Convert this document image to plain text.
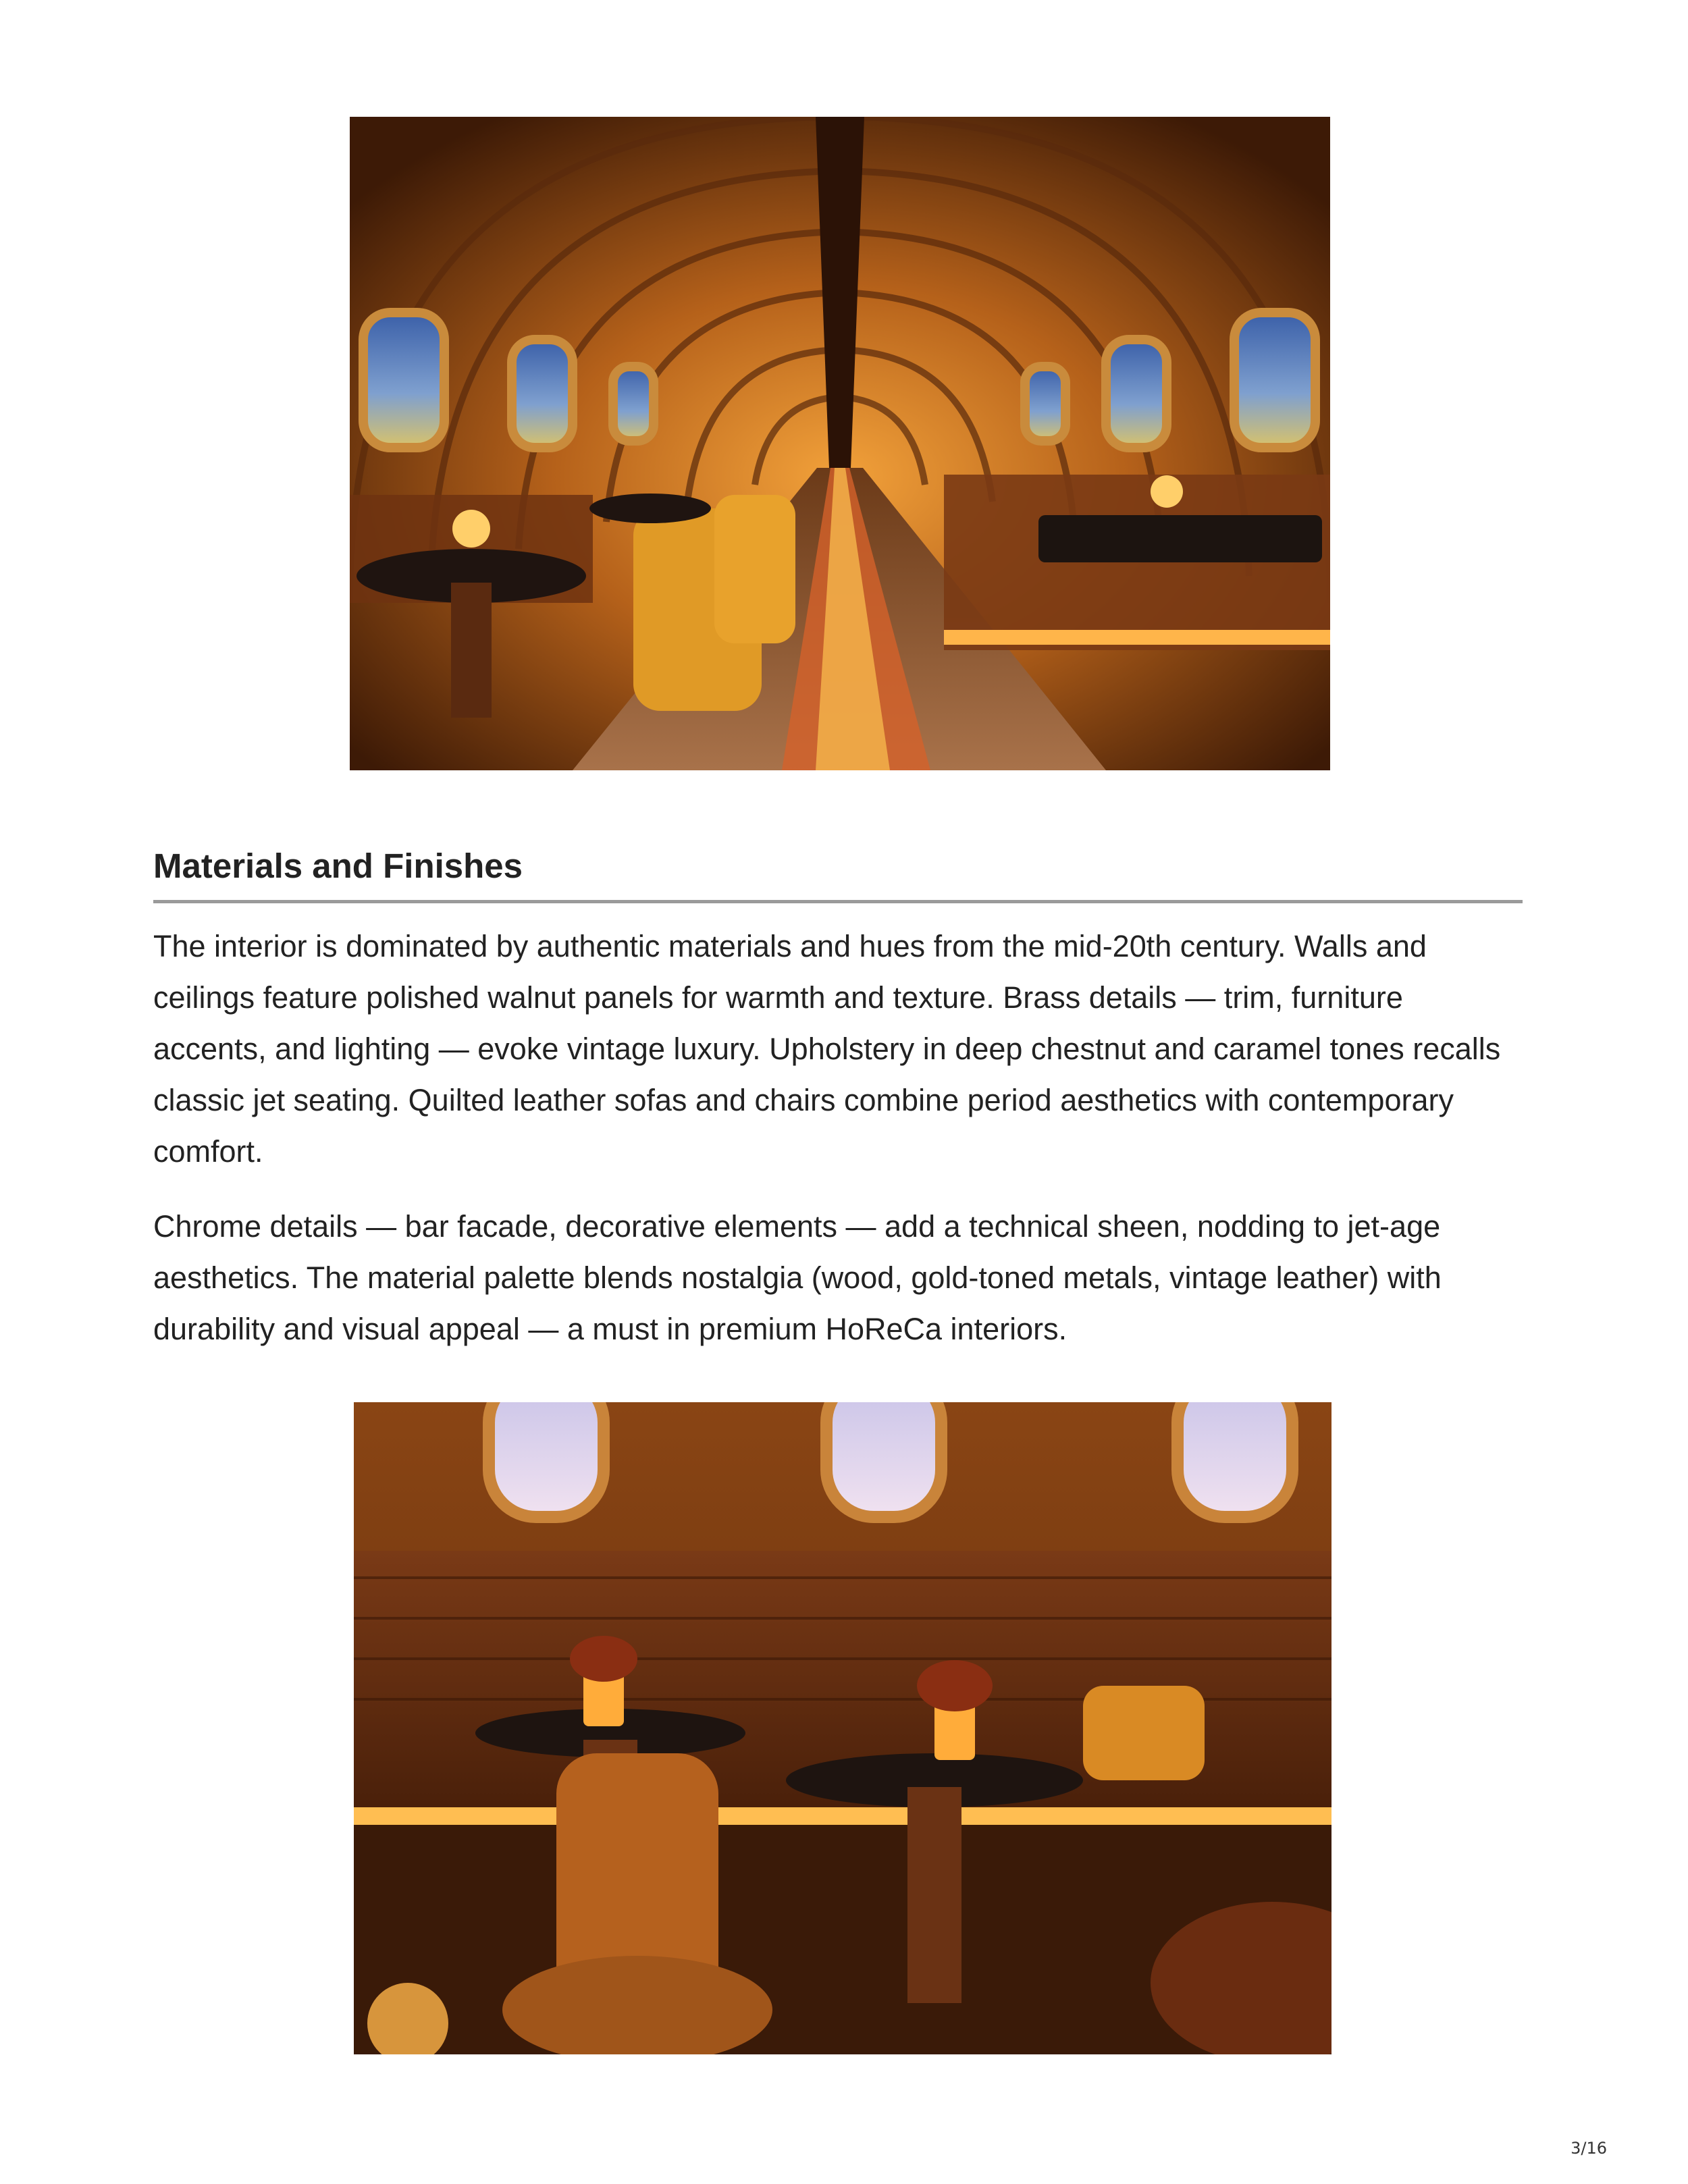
Materials and Finishes

The interior is dominated by authentic materials and hues from the mid-20th century. Walls and ceilings feature polished walnut panels for warmth and texture. Brass details — trim, furniture accents, and lighting — evoke vintage luxury. Upholstery in deep chestnut and caramel tones recalls classic jet seating. Quilted leather sofas and chairs combine period aesthetics with contemporary comfort.

Chrome details — bar facade, decorative elements — add a technical sheen, nodding to jet-age aesthetics. The material palette blends nostalgia (wood, gold-toned metals, vintage leather) with durability and visual appeal — a must in premium HoReCa interiors.

3/16
